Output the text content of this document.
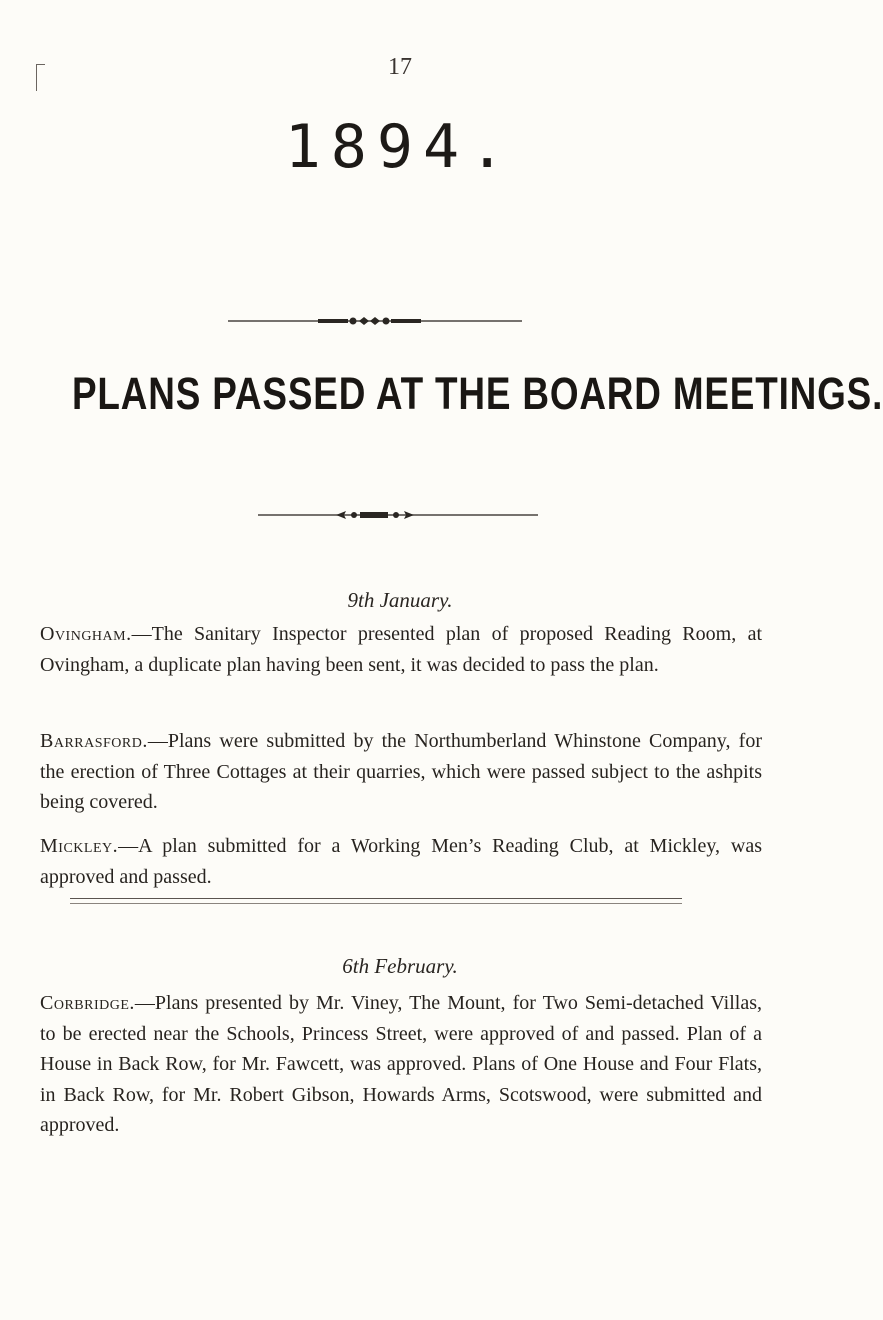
17
1894.
PLANS PASSED AT THE BOARD MEETINGS.
9th January.

Ovingham.—The Sanitary Inspector presented plan of proposed Reading Room, at Ovingham, a duplicate plan having been sent, it was decided to pass the plan.

Barrasford.—Plans were submitted by the Northumberland Whinstone Company, for the erection of Three Cottages at their quarries, which were passed subject to the ashpits being covered.

Mickley.—A plan submitted for a Working Men’s Reading Club, at Mickley, was approved and passed.

6th February.

Corbridge.—Plans presented by Mr. Viney, The Mount, for Two Semi-detached Villas, to be erected near the Schools, Princess Street, were approved of and passed. Plan of a House in Back Row, for Mr. Fawcett, was approved. Plans of One House and Four Flats, in Back Row, for Mr. Robert Gibson, Howards Arms, Scotswood, were submitted and approved.
